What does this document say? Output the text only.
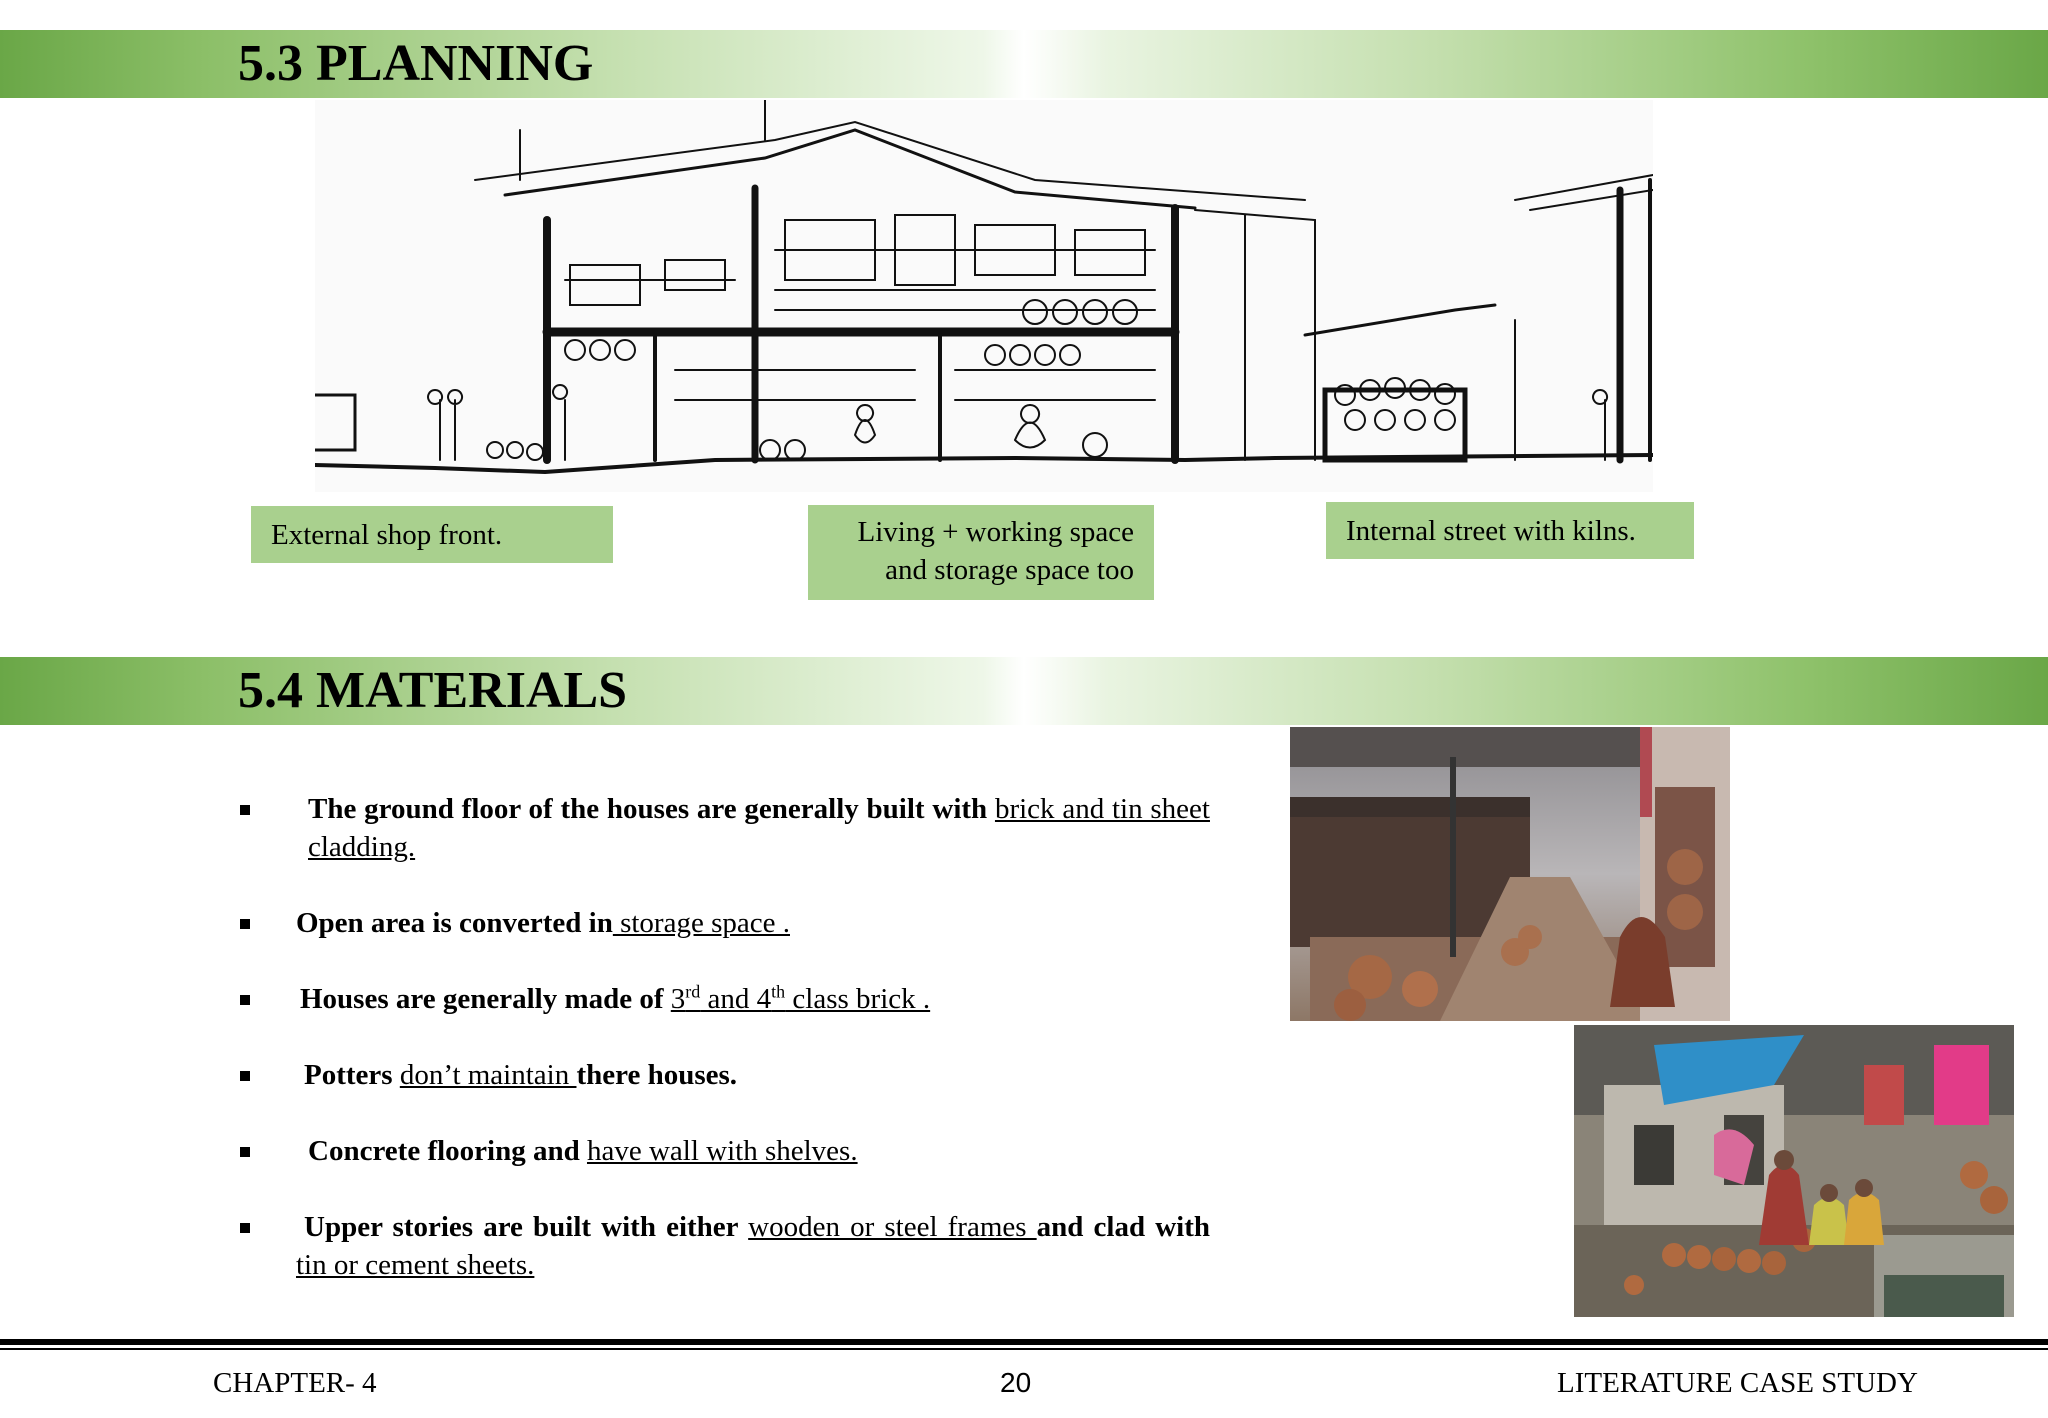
5.3 PLANNING
External shop front.	Living + working space
and storage space too
Internal street with kilns.
5.4 MATERIALS
The ground floor of the houses are generally built with brick and tin sheet cladding.
Open area is converted in storage space .
Houses are generally made of 3rd and 4th class brick .
Potters don’t maintain there houses.
Concrete flooring and have wall with shelves.
Upper stories are built with either wooden or steel frames and clad with tin or cement sheets.
CHAPTER- 4	20	LITERATURE CASE STUDY
